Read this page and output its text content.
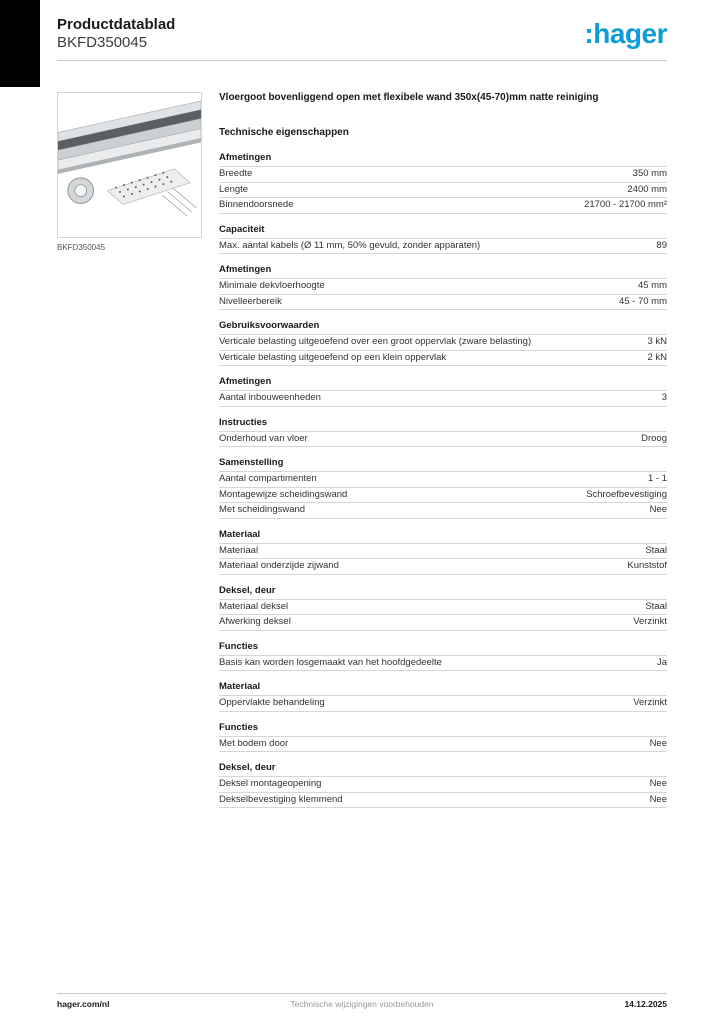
Productdatablad
BKFD350045	:hager
BKFD350045
Vloergoot bovenliggend open met flexibele wand 350x(45-70)mm natte reiniging
Technische eigenschappen
Afmetingen
Breedte	350 mm
Lengte	2400 mm
Binnendoorsnede	21700 - 21700 mm²
Capaciteit
Max. aantal kabels (Ø 11 mm, 50% gevuld, zonder apparaten)	89
Afmetingen
Minimale dekvloerhoogte	45 mm
Nivelleerbereik	45 - 70 mm
Gebruiksvoorwaarden
Verticale belasting uitgeoefend over een groot oppervlak (zware belasting)	3 kN
Verticale belasting uitgeoefend op een klein oppervlak	2 kN
Afmetingen
Aantal inbouweenheden	3
Instructies
Onderhoud van vloer	Droog
Samenstelling
Aantal compartimenten	1 - 1
Montagewijze scheidingswand	Schroefbevestiging
Met scheidingswand	Nee
Materiaal
Materiaal	Staal
Materiaal onderzijde zijwand	Kunststof
Deksel, deur
Materiaal deksel	Staal
Afwerking deksel	Verzinkt
Functies
Basis kan worden losgemaakt van het hoofdgedeelte	Ja
Materiaal
Oppervlakte behandeling	Verzinkt
Functies
Met bodem door	Nee
Deksel, deur
Deksel montageopening	Nee
Dekselbevestiging klemmend	Nee
hager.com/nl	Technische wijzigingen voorbehouden	14.12.2025
